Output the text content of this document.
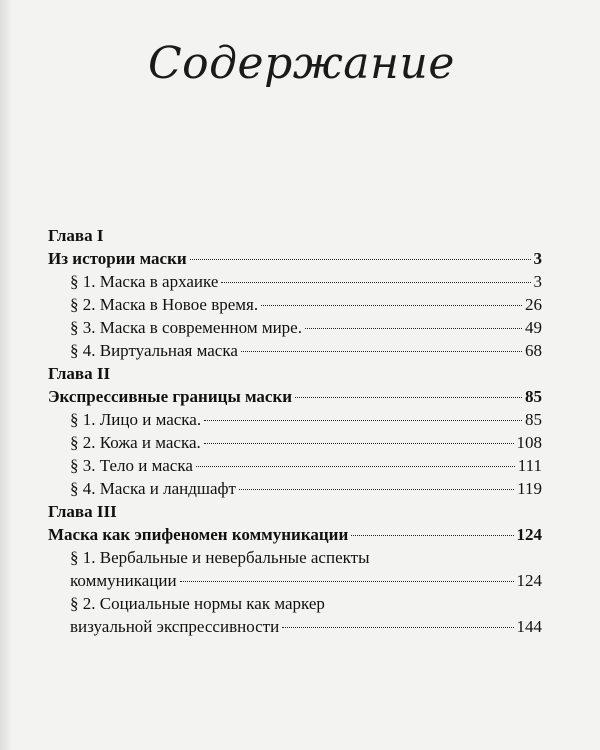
Содержание
Глава I
Из истории маски	3
§ 1. Маска в архаике	3
§ 2. Маска в Новое время.	26
§ 3. Маска в современном мире.	49
§ 4. Виртуальная маска	68
Глава II
Экспрессивные границы маски	85
§ 1. Лицо и маска.	85
§ 2. Кожа и маска.	108
§ 3. Тело и маска	111
§ 4. Маска и ландшафт	119
Глава III
Маска как эпифеномен коммуникации	124
§ 1. Вербальные и невербальные аспекты
коммуникации	124
§ 2. Социальные нормы как маркер
визуальной экспрессивности	144
